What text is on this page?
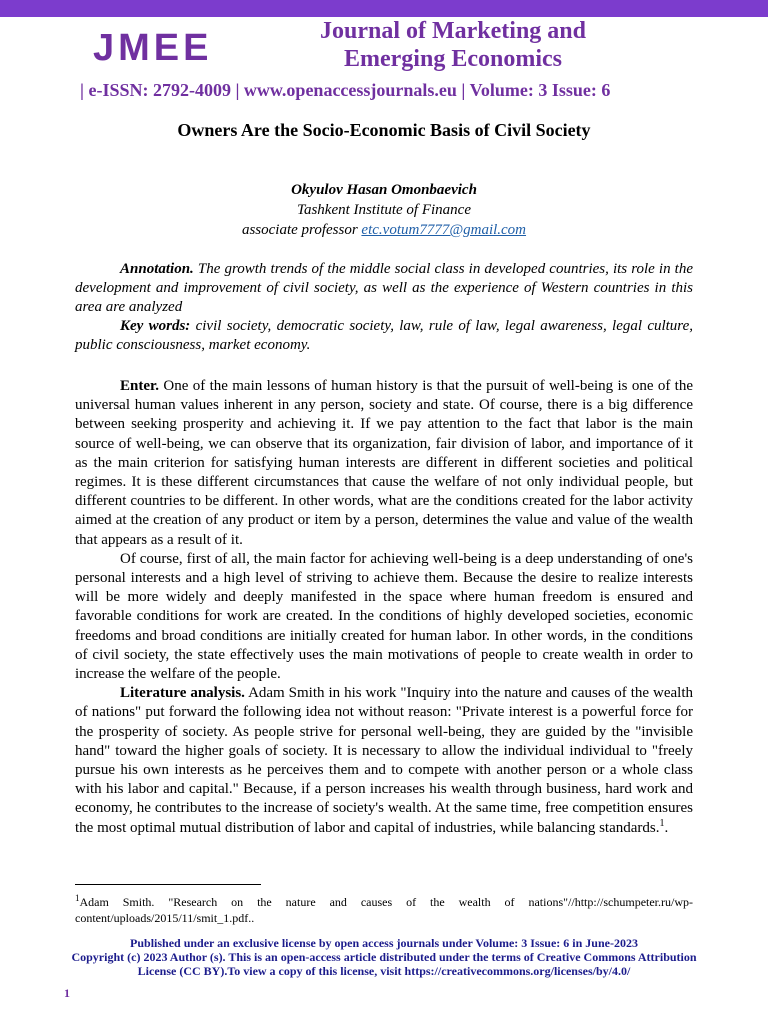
JMEE	Journal of Marketing and
Emerging Economics
| e-ISSN: 2792-4009 | www.openaccessjournals.eu | Volume: 3 Issue: 6
Owners Are the Socio-Economic Basis of Civil Society
Okyulov Hasan Omonbaevich
Tashkent Institute of Finance
associate professor etc.votum7777@gmail.com

Annotation. The growth trends of the middle social class in developed countries, its role in the development and improvement of civil society, as well as the experience of Western countries in this area are analyzed

Key words: civil society, democratic society, law, rule of law, legal awareness, legal culture, public consciousness, market economy.

Enter. One of the main lessons of human history is that the pursuit of well-being is one of the universal human values inherent in any person, society and state. Of course, there is a big difference between seeking prosperity and achieving it. If we pay attention to the fact that labor is the main source of well-being, we can observe that its organization, fair division of labor, and importance of it as the main criterion for satisfying human interests are different in different societies and political regimes. It is these different circumstances that cause the welfare of not only individual people, but different countries to be different. In other words, what are the conditions created for the labor activity aimed at the creation of any product or item by a person, determines the value and value of the wealth that appears as a result of it.

Of course, first of all, the main factor for achieving well-being is a deep understanding of one's personal interests and a high level of striving to achieve them. Because the desire to realize interests will be more widely and deeply manifested in the space where human freedom is ensured and favorable conditions for work are created. In the conditions of highly developed societies, economic freedoms and broad conditions are initially created for human labor. In other words, in the conditions of civil society, the state effectively uses the main motivations of people to create wealth in order to increase the welfare of the people.

Literature analysis. Adam Smith in his work "Inquiry into the nature and causes of the wealth of nations" put forward the following idea not without reason: "Private interest is a powerful force for the prosperity of society. As people strive for personal well-being, they are guided by the "invisible hand" toward the higher goals of society. It is necessary to allow the individual individual to "freely pursue his own interests as he perceives them and to compete with another person or a whole class with his labor and capital." Because, if a person increases his wealth through business, hard work and economy, he contributes to the increase of society's wealth. At the same time, free competition ensures the most optimal mutual distribution of labor and capital of industries, while balancing standards.$^1$.

$^1$Adam Smith. "Research on the nature and causes of the wealth of nations"//http://schumpeter.ru/wp-content/uploads/2015/11/smit_1.pdf..
Published under an exclusive license by open access journals under Volume: 3 Issue: 6 in June-2023
Copyright (c) 2023 Author (s). This is an open-access article distributed under the terms of Creative Commons Attribution
License (CC BY).To view a copy of this license, visit https://creativecommons.org/licenses/by/4.0/
1
